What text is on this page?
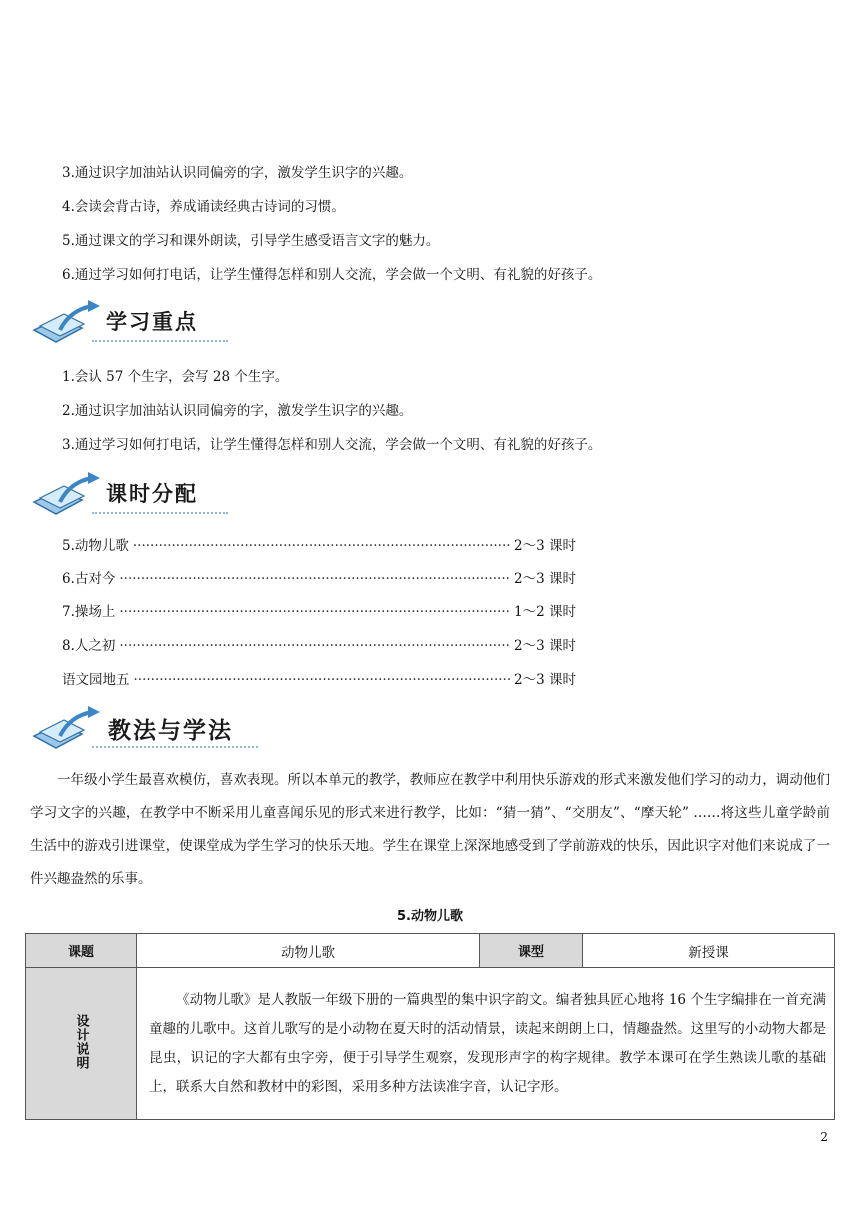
3.通过识字加油站认识同偏旁的字，激发学生识字的兴趣。
4.会读会背古诗，养成诵读经典古诗词的习惯。
5.通过课文的学习和课外朗读，引导学生感受语言文字的魅力。
6.通过学习如何打电话，让学生懂得怎样和别人交流，学会做一个文明、有礼貌的好孩子。
学习重点
1.会认 57 个生字，会写 28 个生字。
2.通过识字加油站认识同偏旁的字，激发学生识字的兴趣。
3.通过学习如何打电话，让学生懂得怎样和别人交流，学会做一个文明、有礼貌的好孩子。
课时分配
5.动物儿歌 ·····	2～3 课时
6.古对今 ·····	2～3 课时
7.操场上 ·····	1～2 课时
8.人之初 ·····	2～3 课时
语文园地五 ·····	2～3 课时
教法与学法
一年级小学生最喜欢模仿，喜欢表现。所以本单元的教学，教师应在教学中利用快乐游戏的形式来激发他们学习的动力，调动他们学习文字的兴趣，在教学中不断采用儿童喜闻乐见的形式来进行教学，比如：“猜一猜”、“交朋友”、“摩天轮” ……将这些儿童学龄前生活中的游戏引进课堂，使课堂成为学生学习的快乐天地。学生在课堂上深深地感受到了学前游戏的快乐，因此识字对他们来说成了一件兴趣盎然的乐事。
5.动物儿歌
课题	动物儿歌	课型	新授课
设计说明	《动物儿歌》是人教版一年级下册的一篇典型的集中识字韵文。编者独具匠心地将 16 个生字编排在一首充满童趣的儿歌中。这首儿歌写的是小动物在夏天时的活动情景，读起来朗朗上口，情趣盎然。这里写的小动物大都是昆虫，识记的字大都有虫字旁，便于引导学生观察，发现形声字的构字规律。教学本课可在学生熟读儿歌的基础上，联系大自然和教材中的彩图，采用多种方法读准字音，认记字形。		
2
